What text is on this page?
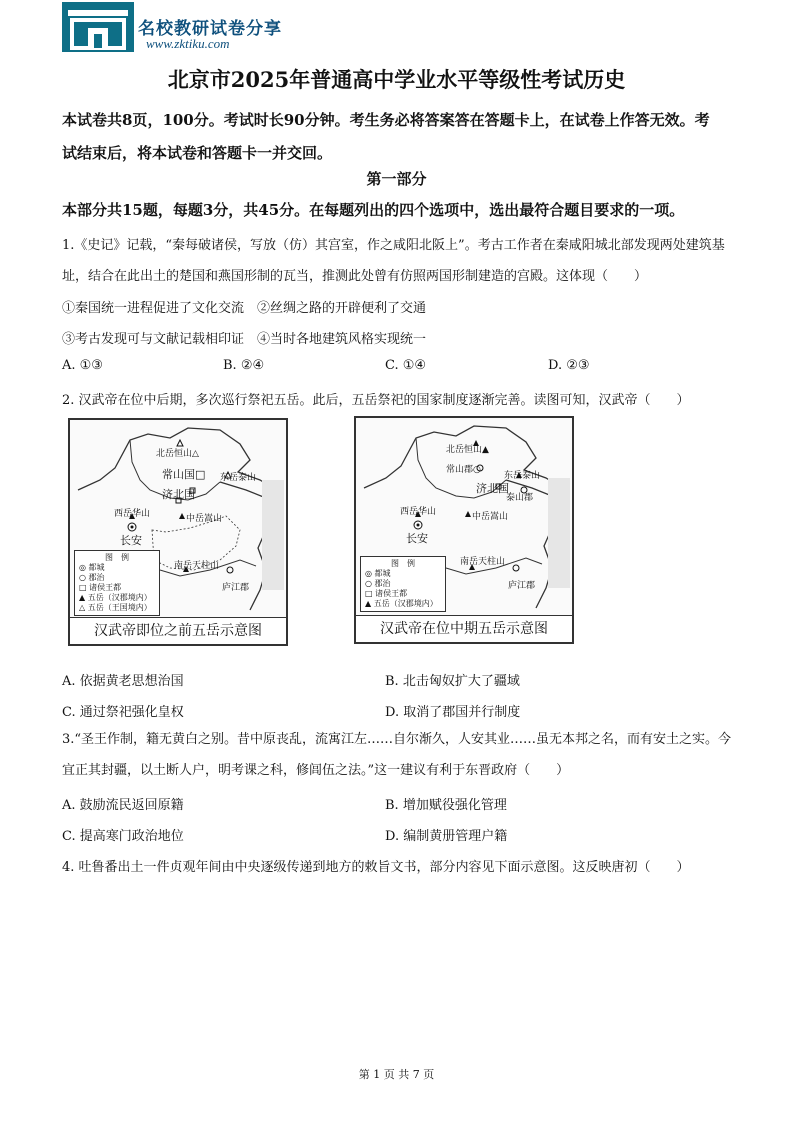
名校教研试卷分享
www.zktiku.com
北京市2025年普通高中学业水平等级性考试历史
本试卷共8页，100分。考试时长90分钟。考生务必将答案答在答题卡上，在试卷上作答无效。考试结束后，将本试卷和答题卡一并交回。
第一部分
本部分共15题，每题3分，共45分。在每题列出的四个选项中，选出最符合题目要求的一项。
1.《史记》记载，“秦每破诸侯，写放（仿）其宫室，作之咸阳北阪上”。考古工作者在秦咸阳城北部发现两处建筑基址，结合在此出土的楚国和燕国形制的瓦当，推测此处曾有仿照两国形制建造的宫殿。这体现（　　）
①秦国统一进程促进了文化交流　②丝绸之路的开辟便利了交通
③考古发现可与文献记载相印证　④当时各地建筑风格实现统一
A. ①③	B. ②④	C. ①④	D. ②③
2. 汉武帝在位中后期，多次巡行祭祀五岳。此后，五岳祭祀的国家制度逐渐完善。读图可知，汉武帝（　　）
北岳恒山△
常山国□
济北国
东岳泰山
西岳华山
长安
中岳嵩山
南岳天柱山
庐江郡
图　例
◎ 都城
○ 郡治
□ 诸侯王都
▲ 五岳（汉郡境内）
△ 五岳（王国境内）
汉武帝即位之前五岳示意图
北岳恒山▲
常山郡○
东岳泰山
济北国
泰山郡
西岳华山
长安
中岳嵩山
南岳天柱山
庐江郡
图　例
◎ 都城
○ 郡治
□ 诸侯王都
▲ 五岳（汉郡境内）
汉武帝在位中期五岳示意图
A. 依据黄老思想治国	B. 北击匈奴扩大了疆域
C. 通过祭祀强化皇权	D. 取消了郡国并行制度
3.“圣王作制，籍无黄白之别。昔中原丧乱，流寓江左……自尔渐久，人安其业……虽无本邦之名，而有安土之实。今宜正其封疆，以土断人户，明考课之科，修闾伍之法。”这一建议有利于东晋政府（　　）
A. 鼓励流民返回原籍	B. 增加赋役强化管理
C. 提高寒门政治地位	D. 编制黄册管理户籍
4. 吐鲁番出土一件贞观年间由中央逐级传递到地方的敕旨文书，部分内容见下面示意图。这反映唐初（　　）
第 1 页 共 7 页
